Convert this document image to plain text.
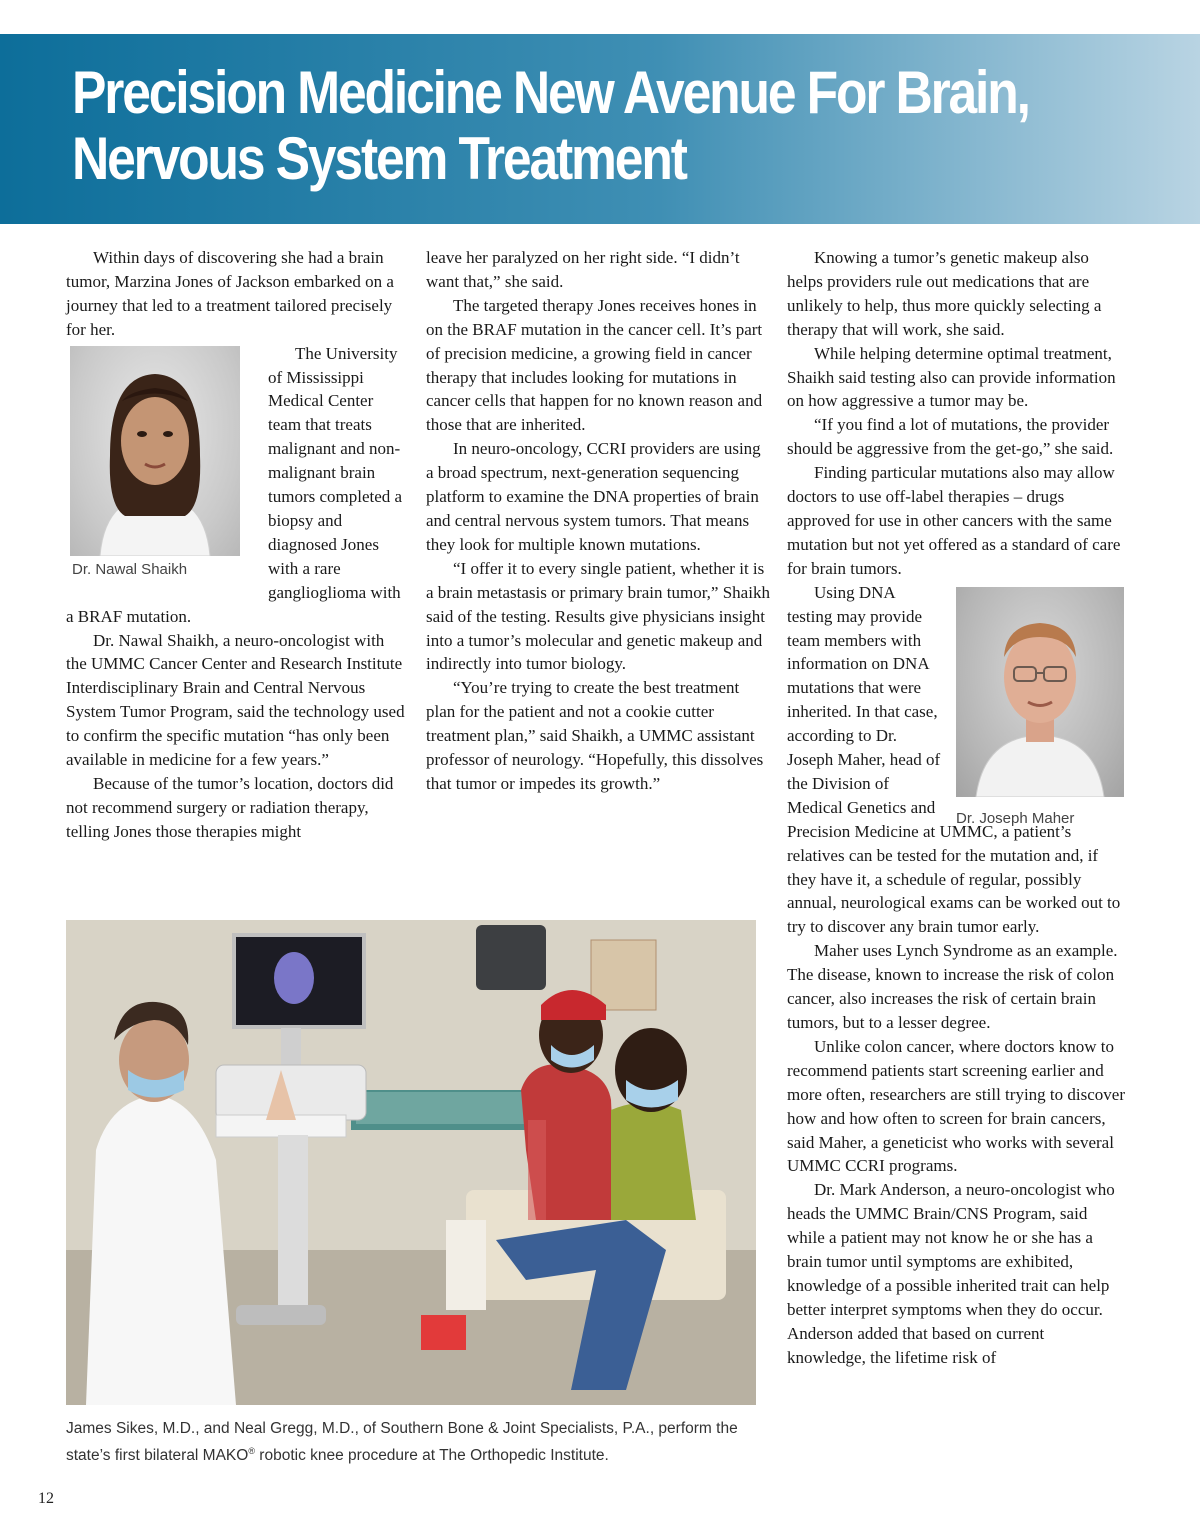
Precision Medicine New Avenue For Brain,
Nervous System Treatment

Within days of discovering she had a brain tumor, Marzina Jones of Jackson embarked on a journey that led to a treatment tailored precisely for her.

Dr. Nawal Shaikh

The University of Mississippi Medical Center team that treats malignant and non-malignant brain tumors completed a biopsy and diagnosed Jones with a rare ganglioglioma with a BRAF mutation.

Dr. Nawal Shaikh, a neuro-oncologist with the UMMC Cancer Center and Research Institute Interdisciplinary Brain and Central Nervous System Tumor Program, said the technology used to confirm the specific mutation “has only been available in medicine for a few years.”

Because of the tumor’s location, doctors did not recommend surgery or radiation therapy, telling Jones those therapies might

leave her paralyzed on her right side. “I didn’t want that,” she said.

The targeted therapy Jones receives hones in on the BRAF mutation in the cancer cell. It’s part of precision medicine, a growing field in cancer therapy that includes looking for mutations in cancer cells that happen for no known reason and those that are inherited.

In neuro-oncology, CCRI providers are using a broad spectrum, next-generation sequencing platform to examine the DNA properties of brain and central nervous system tumors. That means they look for multiple known mutations.

“I offer it to every single patient, whether it is a brain metastasis or primary brain tumor,” Shaikh said of the testing. Results give physicians insight into a tumor’s molecular and genetic makeup and indirectly into tumor biology.

“You’re trying to create the best treatment plan for the patient and not a cookie cutter treatment plan,” said Shaikh, a UMMC assistant professor of neurology. “Hopefully, this dissolves that tumor or impedes its growth.”

Knowing a tumor’s genetic makeup also helps providers rule out medications that are unlikely to help, thus more quickly selecting a therapy that will work, she said.

While helping determine optimal treatment, Shaikh said testing also can provide information on how aggressive a tumor may be.

“If you find a lot of mutations, the provider should be aggressive from the get-go,” she said.

Finding particular mutations also may allow doctors to use off-label therapies – drugs approved for use in other cancers with the same mutation but not yet offered as a standard of care for brain tumors.

Dr. Joseph Maher

Using DNA testing may provide team members with information on DNA mutations that were inherited. In that case, according to Dr. Joseph Maher, head of the Division of Medical Genetics and Precision Medicine at UMMC, a patient’s relatives can be tested for the mutation and, if they have it, a schedule of regular, possibly annual, neurological exams can be worked out to try to discover any brain tumor early.

Maher uses Lynch Syndrome as an example. The disease, known to increase the risk of colon cancer, also increases the risk of certain brain tumors, but to a lesser degree.

Unlike colon cancer, where doctors know to recommend patients start screening earlier and more often, researchers are still trying to discover how and how often to screen for brain cancers, said Maher, a geneticist who works with several UMMC CCRI programs.

Dr. Mark Anderson, a neuro-oncologist who heads the UMMC Brain/CNS Program, said while a patient may not know he or she has a brain tumor until symptoms are exhibited, knowledge of a possible inherited trait can help better interpret symptoms when they do occur. Anderson added that based on current knowledge, the lifetime risk of

James Sikes, M.D., and Neal Gregg, M.D., of Southern Bone & Joint Specialists, P.A., perform the
state’s first bilateral MAKO® robotic knee procedure at The Orthopedic Institute.
12
